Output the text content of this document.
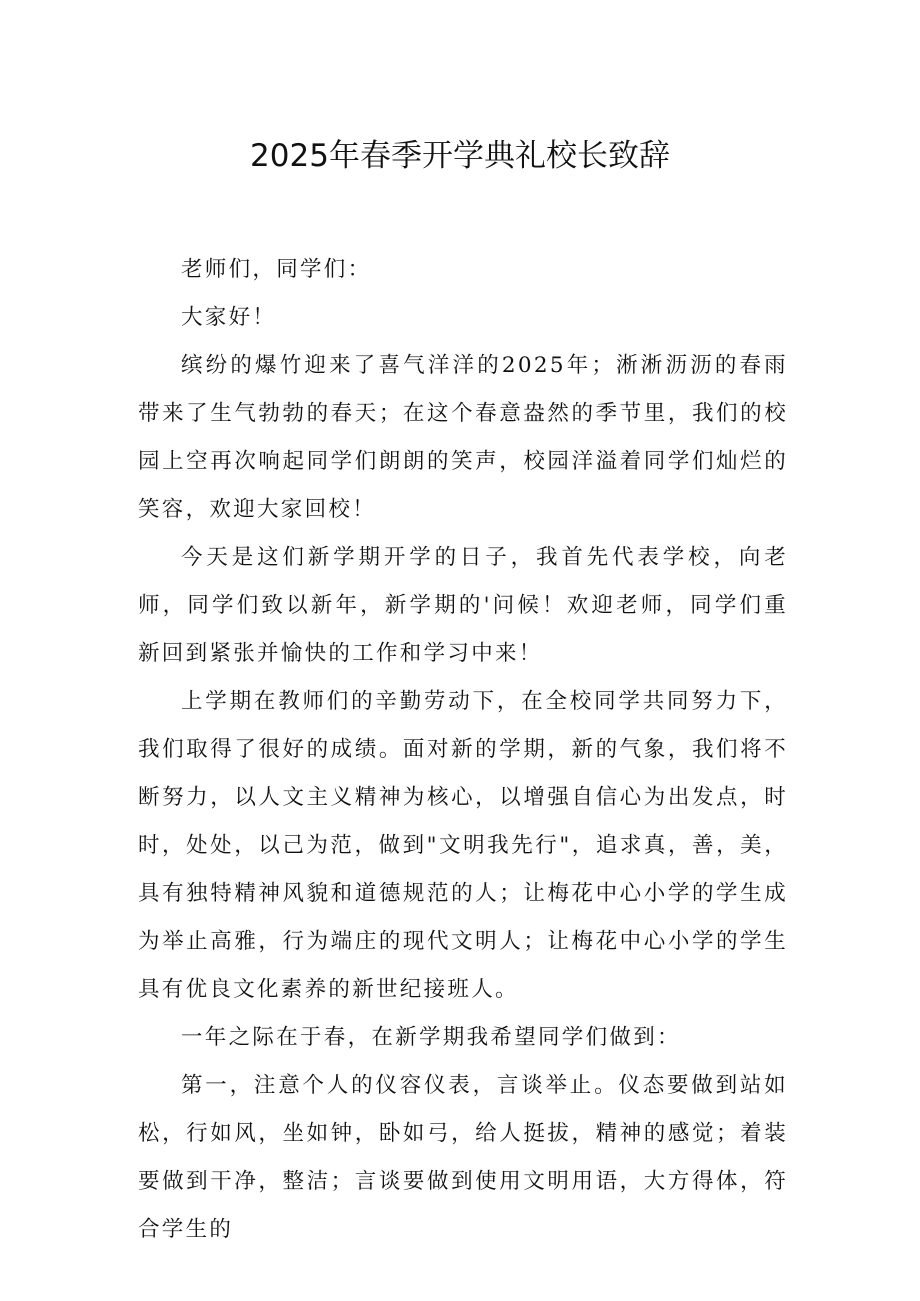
2025年春季开学典礼校长致辞

老师们，同学们：

大家好！

缤纷的爆竹迎来了喜气洋洋的2025年；淅淅沥沥的春雨带来了生气勃勃的春天；在这个春意盎然的季节里，我们的校园上空再次响起同学们朗朗的笑声，校园洋溢着同学们灿烂的笑容，欢迎大家回校！

今天是这们新学期开学的日子，我首先代表学校，向老师，同学们致以新年，新学期的'问候！欢迎老师，同学们重新回到紧张并愉快的工作和学习中来！

上学期在教师们的辛勤劳动下，在全校同学共同努力下，我们取得了很好的成绩。面对新的学期，新的气象，我们将不断努力，以人文主义精神为核心，以增强自信心为出发点，时时，处处，以己为范，做到"文明我先行"，追求真，善，美，具有独特精神风貌和道德规范的人；让梅花中心小学的学生成为举止高雅，行为端庄的现代文明人；让梅花中心小学的学生具有优良文化素养的新世纪接班人。

一年之际在于春，在新学期我希望同学们做到：

第一，注意个人的仪容仪表，言谈举止。仪态要做到站如松，行如风，坐如钟，卧如弓，给人挺拔，精神的感觉；着装要做到干净，整洁；言谈要做到使用文明用语，大方得体，符合学生的
